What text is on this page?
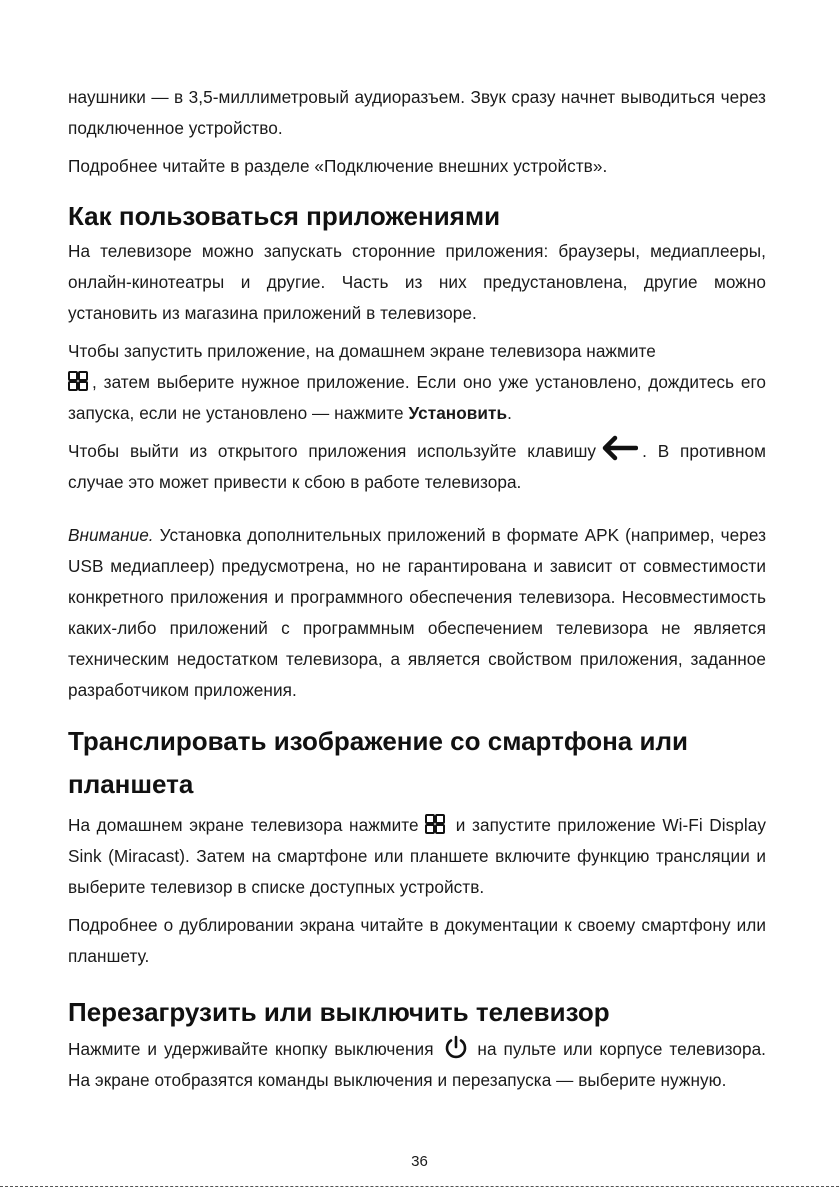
наушники — в 3,5-миллиметровый аудиоразъем. Звук сразу начнет выводиться через подключенное устройство.

Подробнее читайте в разделе «Подключение внешних устройств».

Как пользоваться приложениями

На телевизоре можно запускать сторонние приложения: браузеры, медиаплееры, онлайн-кинотеатры и другие. Часть из них предустановлена, другие можно установить из магазина приложений в телевизоре.

Чтобы запустить приложение, на домашнем экране телевизора нажмите

, затем выберите нужное приложение. Если оно уже установлено, дождитесь его запуска, если не установлено — нажмите Установить.

Чтобы выйти из открытого приложения используйте клавишу	. В противном случае это может привести к сбою в работе телевизора.

Внимание. Установка дополнительных приложений в формате APK (например, через USB медиаплеер) предусмотрена, но не гарантирована и зависит от совместимости конкретного приложения и программного обеспечения телевизора. Несовместимость каких-либо приложений с программным обеспечением телевизора не является техническим недостатком телевизора, а является свойством приложения, заданное разработчиком приложения.

Транслировать изображение со смартфона или планшета

На домашнем экране телевизора нажмите
и запустите приложение Wi-Fi Display Sink (Miracast). Затем на смартфоне или планшете включите функцию трансляции и выберите телевизор в списке доступных устройств.

Подробнее о дублировании экрана читайте в документации к своему смартфону или планшету.

Перезагрузить или выключить телевизор

Нажмите и удерживайте кнопку выключения  на пульте или корпусе телевизора. На экране отобразятся команды выключения и перезапуска — выберите нужную.

36
